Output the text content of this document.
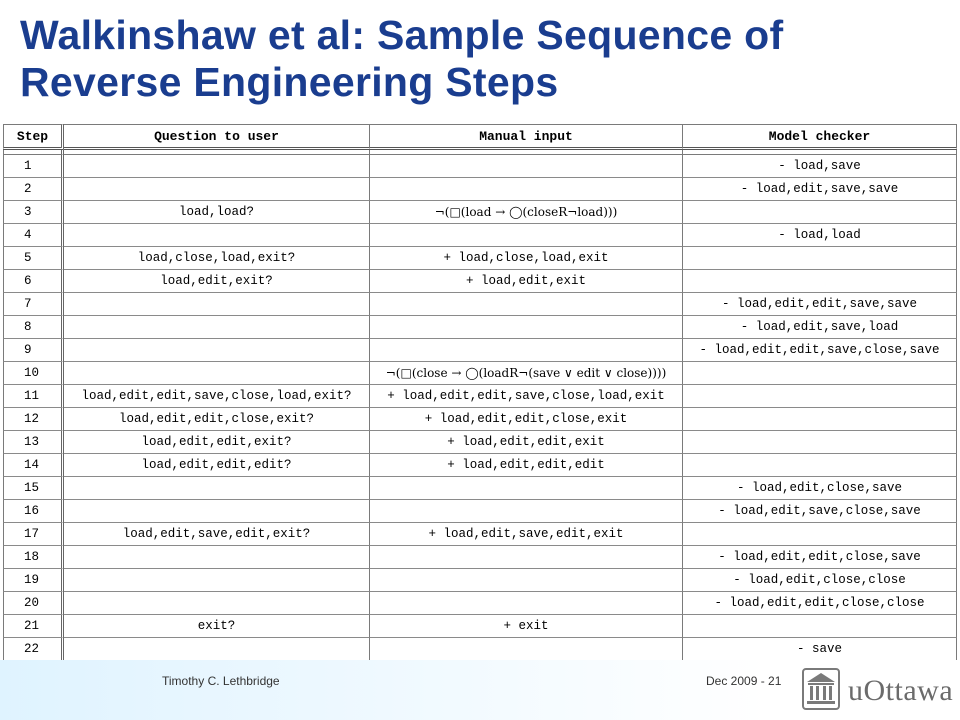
Walkinshaw et al: Sample Sequence of Reverse Engineering Steps
Step	Question to user	Manual input	Model checker

1			- load,save
2			- load,edit,save,save
3	load,load?	¬(□(load → ◯(closeR¬load)))	
4			- load,load
5	load,close,load,exit?	+ load,close,load,exit	
6	load,edit,exit?	+ load,edit,exit	
7			- load,edit,edit,save,save
8			- load,edit,save,load
9			- load,edit,edit,save,close,save
10		¬(□(close → ◯(loadR¬(save ∨ edit ∨ close))))	
11	load,edit,edit,save,close,load,exit?	+ load,edit,edit,save,close,load,exit	
12	load,edit,edit,close,exit?	+ load,edit,edit,close,exit	
13	load,edit,edit,exit?	+ load,edit,edit,exit	
14	load,edit,edit,edit?	+ load,edit,edit,edit	
15			- load,edit,close,save
16			- load,edit,save,close,save
17	load,edit,save,edit,exit?	+ load,edit,save,edit,exit	
18			- load,edit,edit,close,save
19			- load,edit,close,close
20			- load,edit,edit,close,close
21	exit?	+ exit	
22			- save
Timothy C. Lethbridge	Dec 2009 - 21 uOttawa
